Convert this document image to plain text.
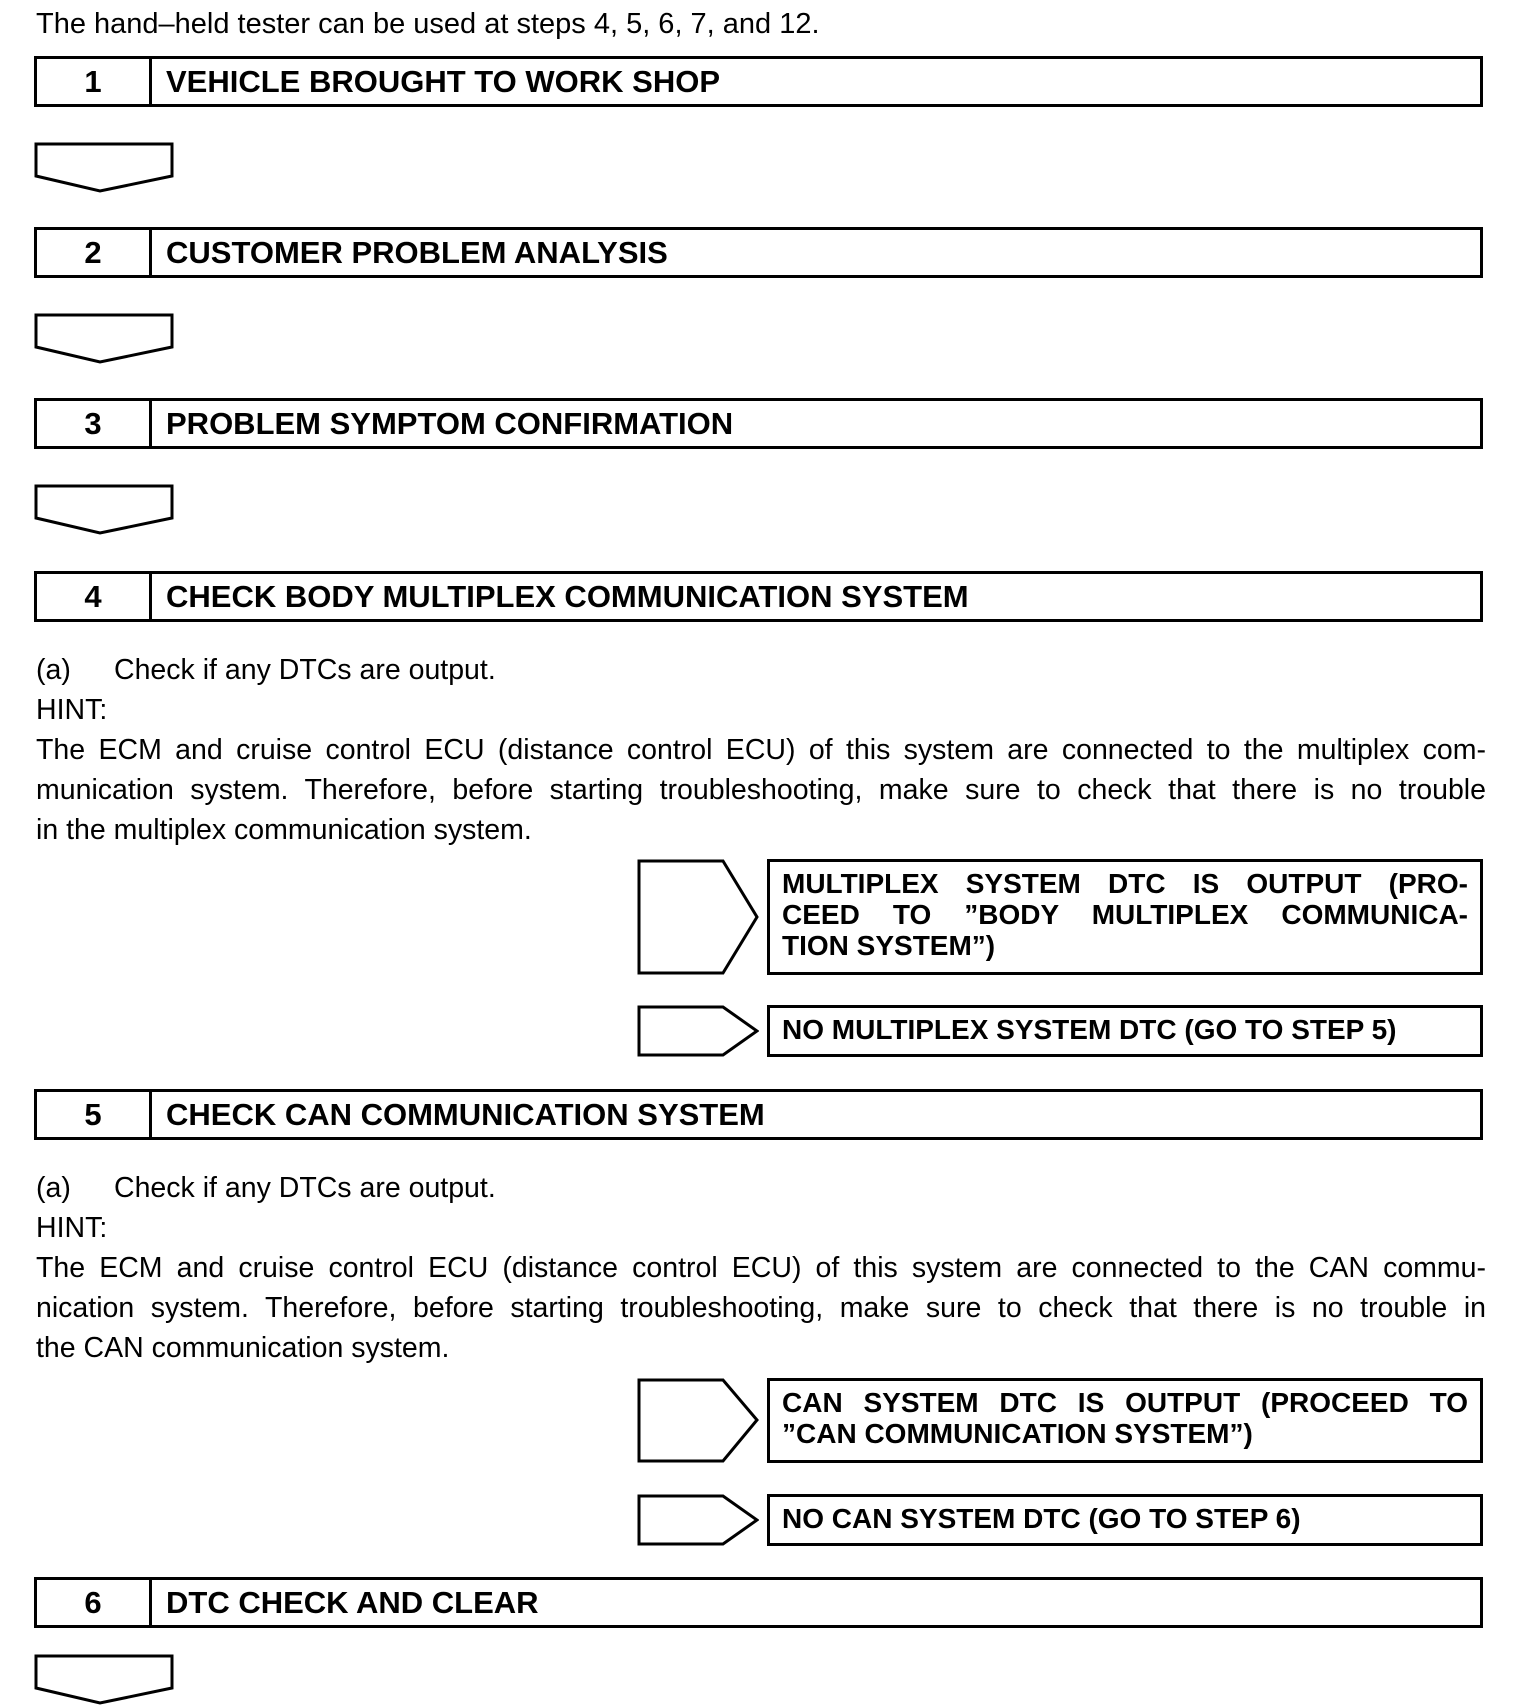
The hand–held tester can be used at steps 4, 5, 6, 7, and 12.
1	VEHICLE BROUGHT TO WORK SHOP
2	CUSTOMER PROBLEM ANALYSIS
3	PROBLEM SYMPTOM CONFIRMATION
4	CHECK BODY MULTIPLEX COMMUNICATION SYSTEM
(a) Check if any DTCs are output.
HINT:
The ECM and cruise control ECU (distance control ECU) of this system are connected to the multiplex com-
munication system. Therefore, before starting troubleshooting, make sure to check that there is no trouble
in the multiplex communication system.
MULTIPLEX SYSTEM DTC IS OUTPUT (PRO-
CEED TO ”BODY MULTIPLEX COMMUNICA-
TION SYSTEM”)
NO MULTIPLEX SYSTEM DTC (GO TO STEP 5)
5	CHECK CAN COMMUNICATION SYSTEM
(a) Check if any DTCs are output.
HINT:
The ECM and cruise control ECU (distance control ECU) of this system are connected to the CAN commu-
nication system. Therefore, before starting troubleshooting, make sure to check that there is no trouble in
the CAN communication system.
CAN SYSTEM DTC IS OUTPUT (PROCEED TO
”CAN COMMUNICATION SYSTEM”)
NO CAN SYSTEM DTC (GO TO STEP 6)
6	DTC CHECK AND CLEAR
